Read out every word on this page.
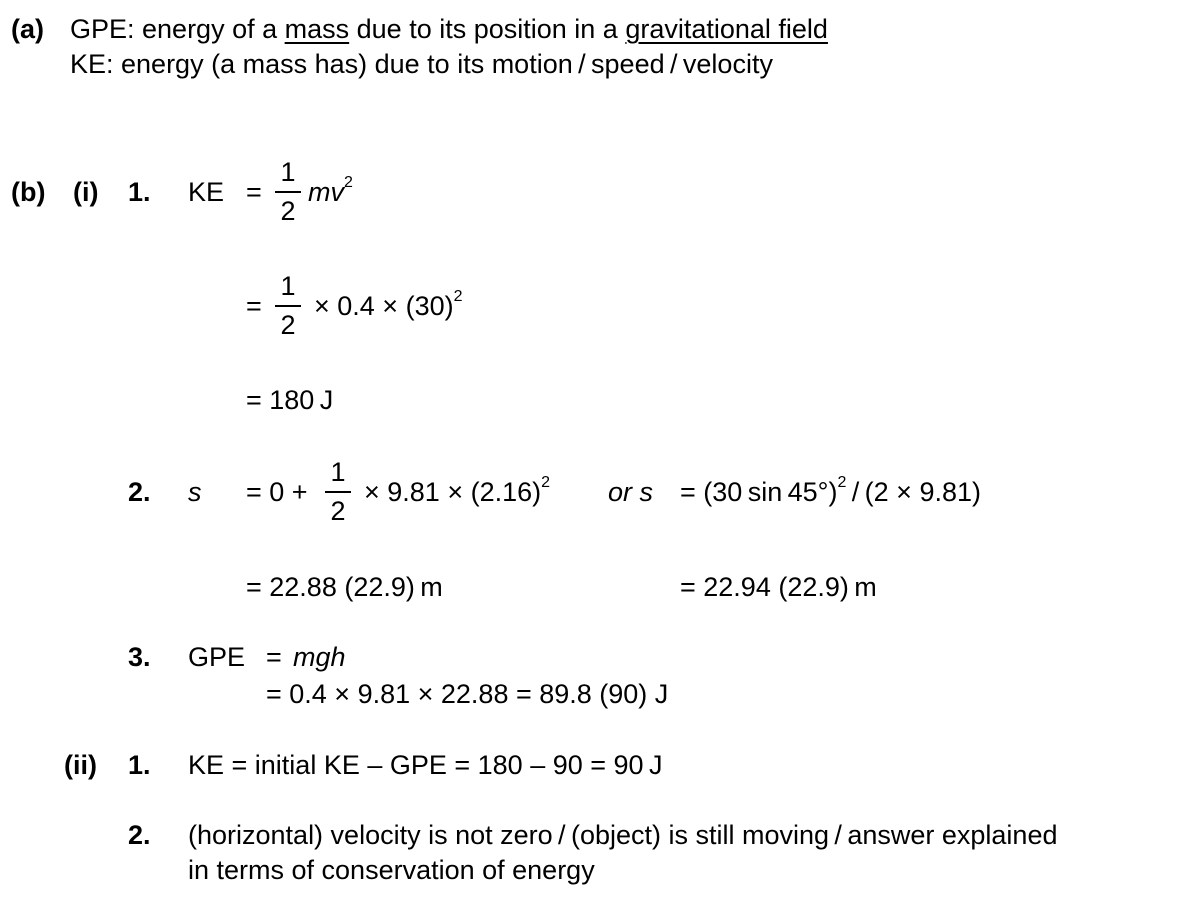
(a) GPE: energy of a mass due to its position in a gravitational field
KE: energy (a mass has) due to its motion / speed / velocity
(b) (i) 1. KE =
1
2
$mv^2$
=
1
2
× $0.4 \times (30)^2$
= 180 J
2. s = 0 +
1
2
× $9.81 \times (2.16)^2$ or s = (30 sin 45°)$^2$ / (2 × 9.81)
= 22.88 (22.9) m	= 22.94 (22.9) m
3. GPE = mgh
= 0.4 × 9.81 × 22.88 = 89.8 (90) J
(ii) 1. KE = initial KE – GPE = 180 – 90 = 90 J
2. (horizontal) velocity is not zero / (object) is still moving / answer explained
in terms of conservation of energy
